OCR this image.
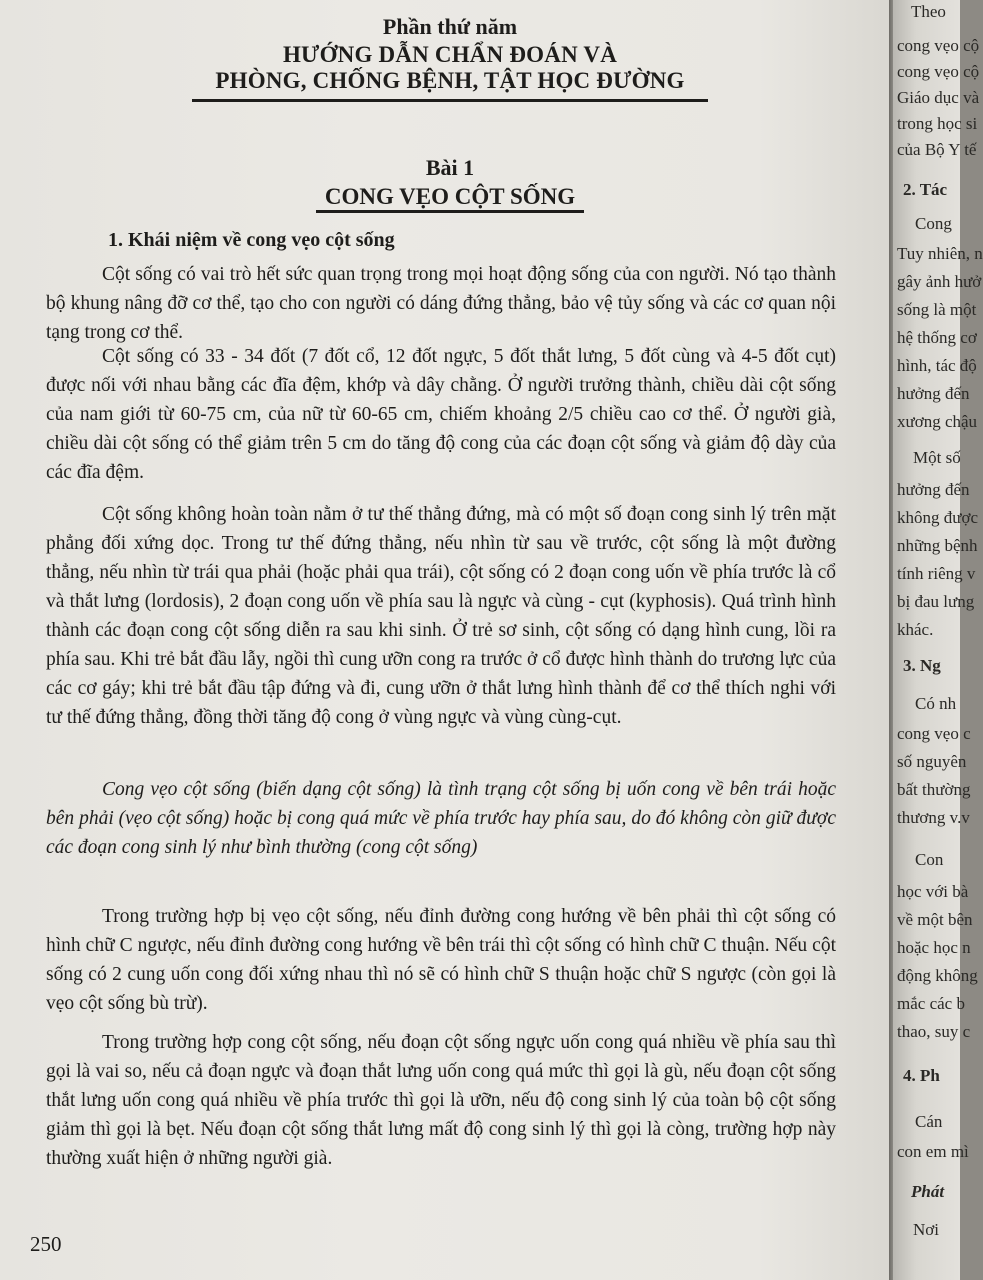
Phần thứ năm
HƯỚNG DẪN CHẨN ĐOÁN VÀ
PHÒNG, CHỐNG BỆNH, TẬT HỌC ĐƯỜNG
Bài 1
CONG VẸO CỘT SỐNG
1. Khái niệm về cong vẹo cột sống

Cột sống có vai trò hết sức quan trọng trong mọi hoạt động sống của con người. Nó tạo thành bộ khung nâng đỡ cơ thể, tạo cho con người có dáng đứng thẳng, bảo vệ tủy sống và các cơ quan nội tạng trong cơ thể.

Cột sống có 33 - 34 đốt (7 đốt cổ, 12 đốt ngực, 5 đốt thắt lưng, 5 đốt cùng và 4-5 đốt cụt) được nối với nhau bằng các đĩa đệm, khớp và dây chằng. Ở người trưởng thành, chiều dài cột sống của nam giới từ 60-75 cm, của nữ từ 60-65 cm, chiếm khoảng 2/5 chiều cao cơ thể. Ở người già, chiều dài cột sống có thể giảm trên 5 cm do tăng độ cong của các đoạn cột sống và giảm độ dày của các đĩa đệm.

Cột sống không hoàn toàn nằm ở tư thế thẳng đứng, mà có một số đoạn cong sinh lý trên mặt phẳng đối xứng dọc. Trong tư thế đứng thẳng, nếu nhìn từ sau về trước, cột sống là một đường thẳng, nếu nhìn từ trái qua phải (hoặc phải qua trái), cột sống có 2 đoạn cong uốn về phía trước là cổ và thắt lưng (lordosis), 2 đoạn cong uốn về phía sau là ngực và cùng - cụt (kyphosis). Quá trình hình thành các đoạn cong cột sống diễn ra sau khi sinh. Ở trẻ sơ sinh, cột sống có dạng hình cung, lồi ra phía sau. Khi trẻ bắt đầu lẫy, ngồi thì cung ưỡn cong ra trước ở cổ được hình thành do trương lực của các cơ gáy; khi trẻ bắt đầu tập đứng và đi, cung ưỡn ở thắt lưng hình thành để cơ thể thích nghi với tư thế đứng thẳng, đồng thời tăng độ cong ở vùng ngực và vùng cùng-cụt.

Cong vẹo cột sống (biến dạng cột sống) là tình trạng cột sống bị uốn cong về bên trái hoặc bên phải (vẹo cột sống) hoặc bị cong quá mức về phía trước hay phía sau, do đó không còn giữ được các đoạn cong sinh lý như bình thường (cong cột sống)

Trong trường hợp bị vẹo cột sống, nếu đỉnh đường cong hướng về bên phải thì cột sống có hình chữ C ngược, nếu đỉnh đường cong hướng về bên trái thì cột sống có hình chữ C thuận. Nếu cột sống có 2 cung uốn cong đối xứng nhau thì nó sẽ có hình chữ S thuận hoặc chữ S ngược (còn gọi là vẹo cột sống bù trừ).

Trong trường hợp cong cột sống, nếu đoạn cột sống ngực uốn cong quá nhiều về phía sau thì gọi là vai so, nếu cả đoạn ngực và đoạn thắt lưng uốn cong quá mức thì gọi là gù, nếu đoạn cột sống thắt lưng uốn cong quá nhiều về phía trước thì gọi là ưỡn, nếu độ cong sinh lý của toàn bộ cột sống giảm thì gọi là bẹt. Nếu đoạn cột sống thắt lưng mất độ cong sinh lý thì gọi là còng, trường hợp này thường xuất hiện ở những người già.

250
Theo
cong vẹo cộ
cong vẹo cộ
Giáo dục và
trong học si
của Bộ Y tế
2. Tác
Cong
Tuy nhiên, n
gây ảnh hưở
sống là một
hệ thống cơ
hình, tác độ
hưởng đến
xương chậu
Một số
hưởng đến
không được
những bệnh
tính riêng v
bị đau lưng
khác.
3. Ng
Có nh
cong vẹo c
số nguyên
bất thường
thương v.v
Con
học với bà
về một bên
hoặc học n
động không
mắc các b
thao, suy c
4. Ph
Cán
con em mì
Phát
Nơi
